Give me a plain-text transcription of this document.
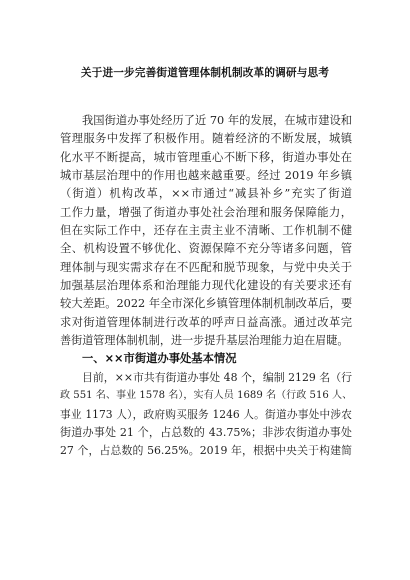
关于进一步完善街道管理体制机制改革的调研与思考
我国街道办事处经历了近 70 年的发展，在城市建设和
管理服务中发挥了积极作用。随着经济的不断发展，城镇
化水平不断提高，城市管理重心不断下移，街道办事处在
城市基层治理中的作用也越来越重要。经过 2019 年乡镇
（街道）机构改革，××市通过“减县补乡”充实了街道
工作力量，增强了街道办事处社会治理和服务保障能力，
但在实际工作中，还存在主责主业不清晰、工作机制不健
全、机构设置不够优化、资源保障不充分等诸多问题，管
理体制与现实需求存在不匹配和脱节现象，与党中央关于
加强基层治理体系和治理能力现代化建设的有关要求还有
较大差距。2022 年全市深化乡镇管理体制机制改革后，要
求对街道管理体制进行改革的呼声日益高涨。通过改革完
善街道管理体制机制，进一步提升基层治理能力迫在眉睫。
一、××市街道办事处基本情况
目前，××市共有街道办事处 48 个，编制 2129 名（行
政 551 名、事业 1578 名），实有人员 1689 名（行政 516 人、
事业 1173 人），政府购买服务 1246 人。街道办事处中涉农
街道办事处 21 个，占总数的 43.75%；非涉农街道办事处
27 个，占总数的 56.25%。2019 年，根据中央关于构建简
